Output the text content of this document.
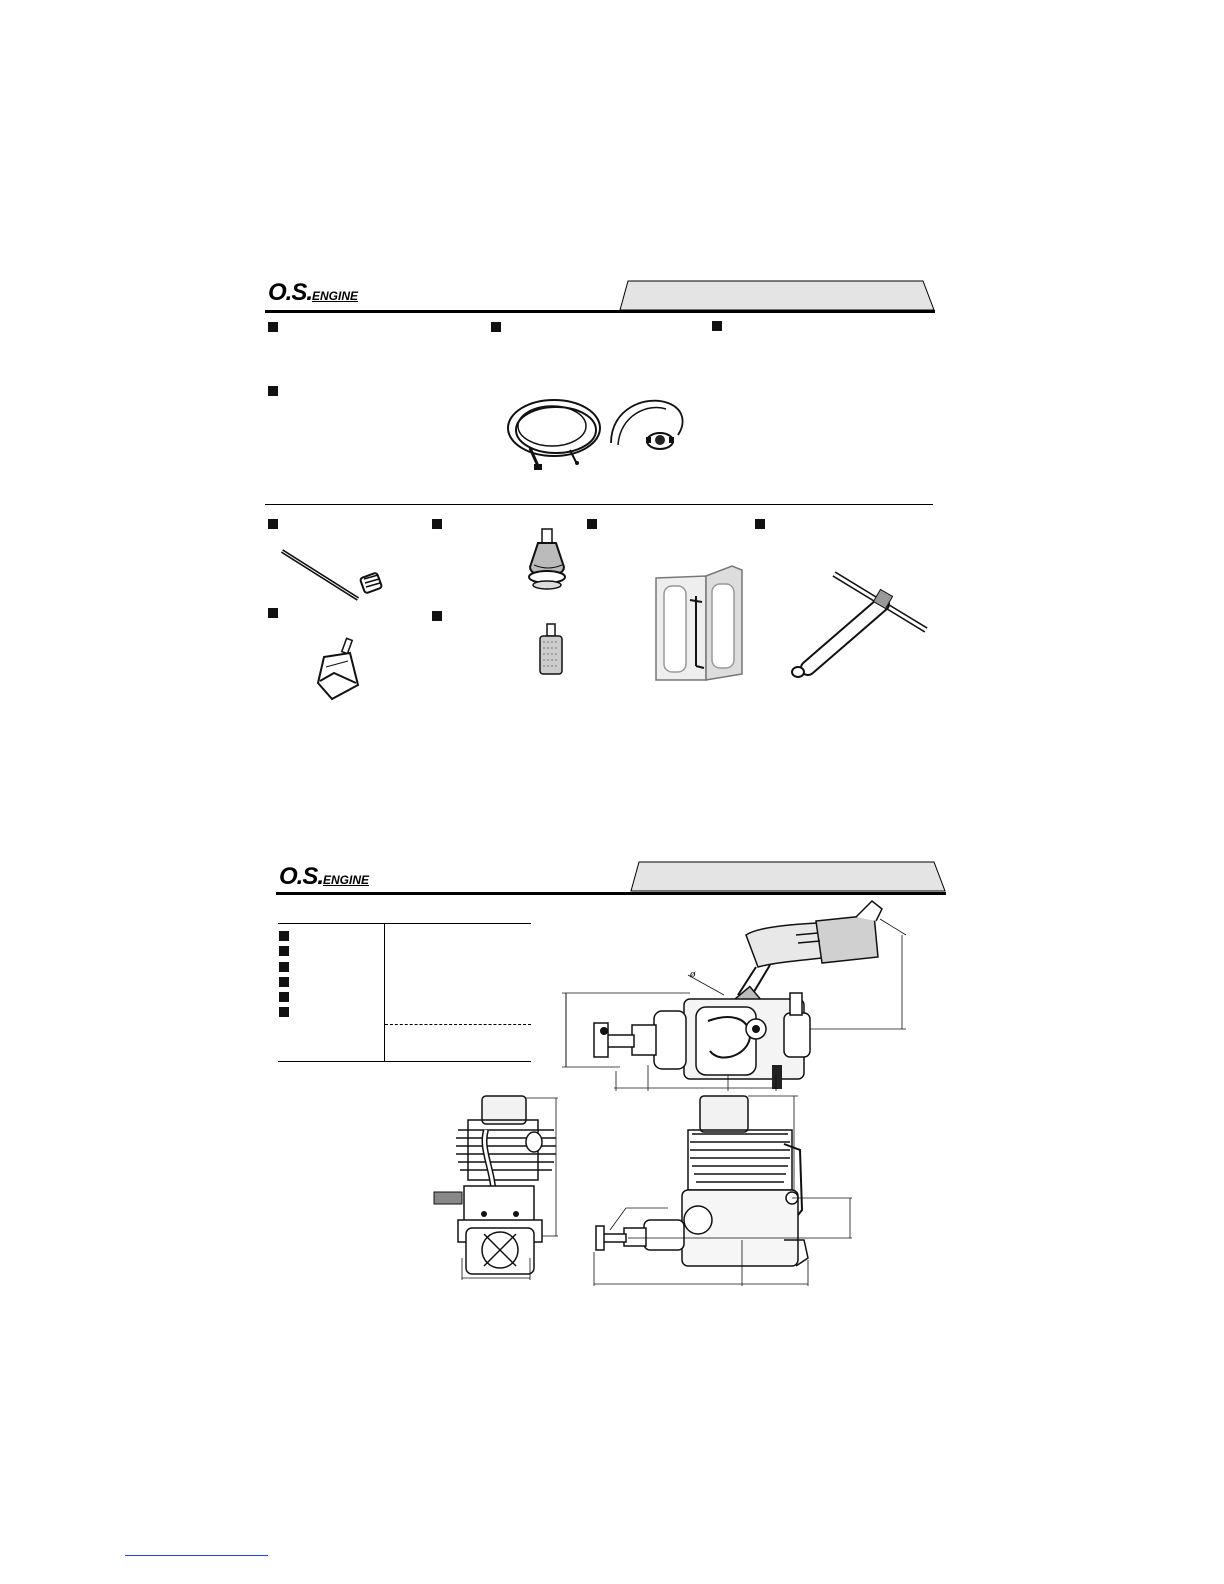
O.S.ENGINE
O.S.ENGINE
ø
